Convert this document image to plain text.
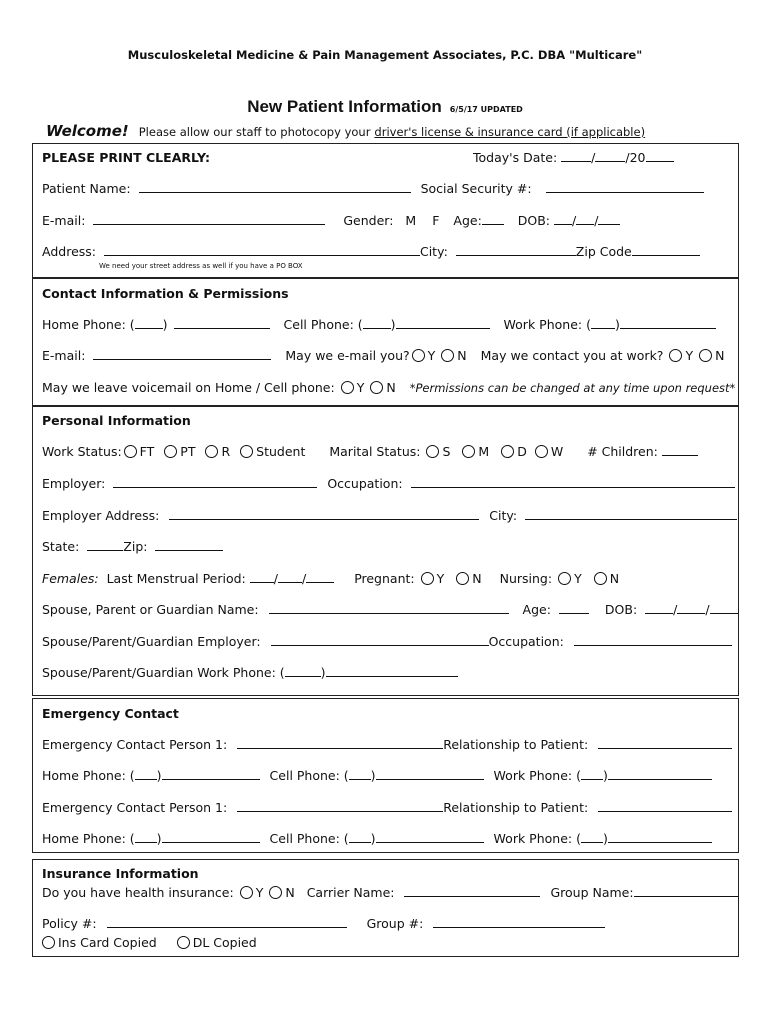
Musculoskeletal Medicine & Pain Management Associates, P.C. DBA "Multicare"
New Patient Information 6/5/17 UPDATED
Welcome! Please allow our staff to photocopy your driver's license & insurance card (if applicable)
PLEASE PRINT CLEARLY:	Today's Date:	/ /20
Patient Name:	Social Security #:
E-mail:	Gender: M F Age:	DOB: / /
Address:	City:	Zip Code
We need your street address as well if you have a PO BOX
Contact Information & Permissions
Home Phone: ( )	Cell Phone: ( )	Work Phone: ( )
E-mail:	May we e-mail you? Y N May we contact you at work? Y N
May we leave voicemail on Home / Cell phone: Y N *Permissions can be changed at any time upon request*
Personal Information
Work Status: FT PT R Student Marital Status: S M D W # Children:
Employer:	Occupation:
Employer Address:	City:
State:	Zip:
Females: Last Menstrual Period: / /	Pregnant: Y N Nursing: Y N
Spouse, Parent or Guardian Name:	Age:	DOB:	/ /
Spouse/Parent/Guardian Employer:	Occupation:
Spouse/Parent/Guardian Work Phone: (	)
Emergency Contact
Emergency Contact Person 1:	Relationship to Patient:
Home Phone: ( )	Cell Phone: ( )	Work Phone: ( )
Emergency Contact Person 1:	Relationship to Patient:
Home Phone: ( )	Cell Phone: ( )	Work Phone: ( )
Insurance Information
Do you have health insurance: Y N Carrier Name:	Group Name:
Policy #:	Group #:
Ins Card Copied	DL Copied
